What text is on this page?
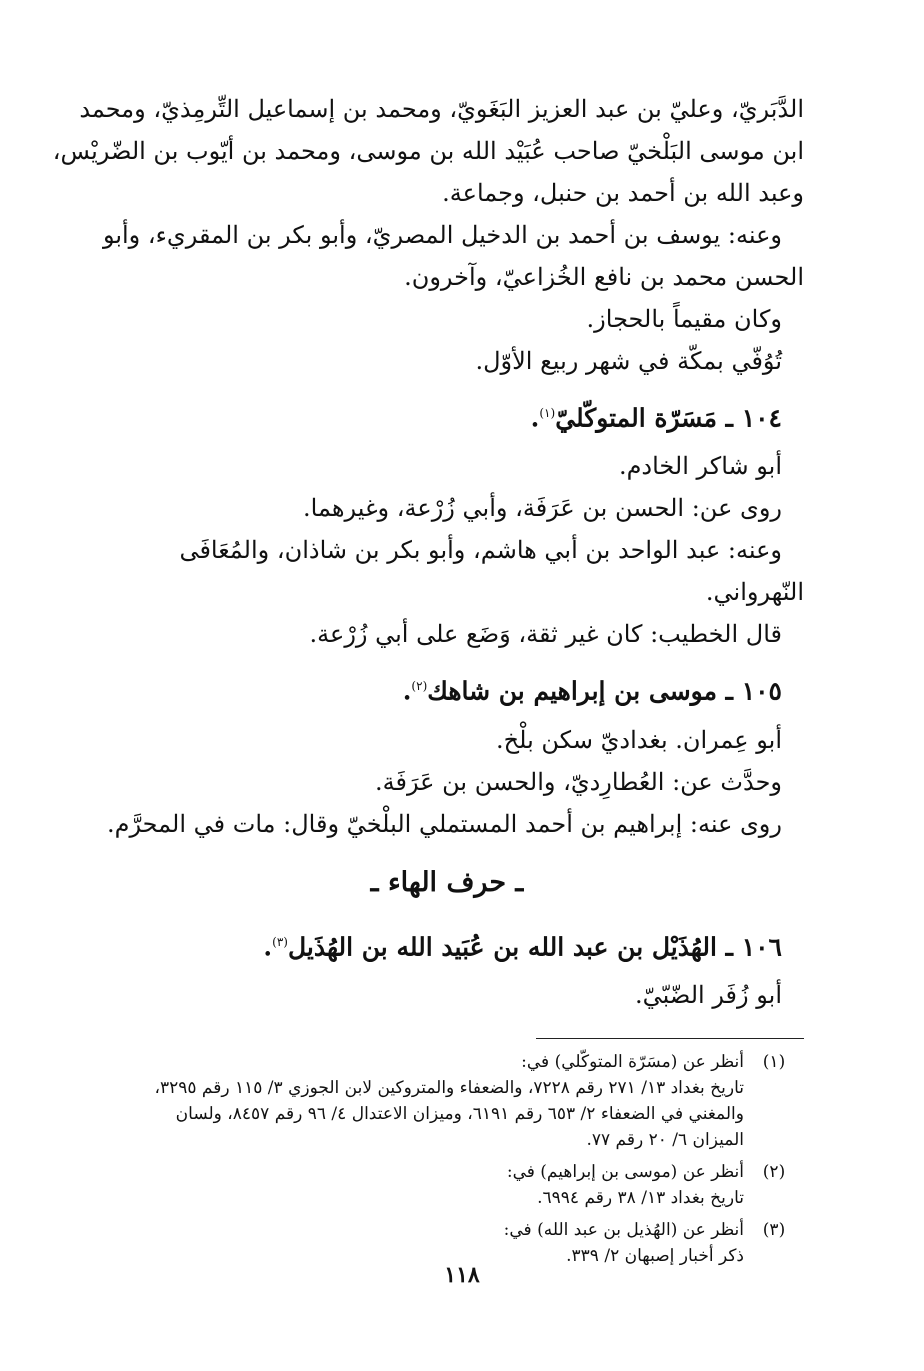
الدَّبَريّ، وعليّ بن عبد العزيز البَغَويّ، ومحمد بن إسماعيل التِّرمِذيّ، ومحمد
ابن موسى البَلْخيّ صاحب عُبَيْد الله بن موسى، ومحمد بن أيّوب بن الضّريْس،
وعبد الله بن أحمد بن حنبل، وجماعة.
وعنه: يوسف بن أحمد بن الدخيل المصريّ، وأبو بكر بن المقريء، وأبو
الحسن محمد بن نافع الخُزاعيّ، وآخرون.
وكان مقيماً بالحجاز.
تُوُفّي بمكّة في شهر ربيع الأوّل.
١٠٤ ـ مَسَرّة المتوكّليّ$^{(١)}$.
أبو شاكر الخادم.
روى عن: الحسن بن عَرَفَة، وأبي زُرْعة، وغيرهما.
وعنه: عبد الواحد بن أبي هاشم، وأبو بكر بن شاذان، والمُعَافَى
النّهرواني.
قال الخطيب: كان غير ثقة، وَضَع على أبي زُرْعة.
١٠٥ ـ موسى بن إبراهيم بن شاهك$^{(٢)}$.
أبو عِمران. بغداديّ سكن بلْخ.
وحدَّث عن: العُطارِديّ، والحسن بن عَرَفَة.
روى عنه: إبراهيم بن أحمد المستملي البلْخيّ وقال: مات في المحرَّم.
ـ حرف الهاء ـ
١٠٦ ـ الهُذَيْل بن عبد الله بن عُبَيد الله بن الهُذَيل$^{(٣)}$.
أبو زُفَر الضّبّيّ.
(١)
أنظر عن (مسَرّة المتوكّلي) في:
تاريخ بغداد ١٣/ ٢٧١ رقم ٧٢٢٨، والضعفاء والمتروكين لابن الجوزي ٣/ ١١٥ رقم ٣٢٩٥،
والمغني في الضعفاء ٢/ ٦٥٣ رقم ٦١٩١، وميزان الاعتدال ٤/ ٩٦ رقم ٨٤٥٧، ولسان
الميزان ٦/ ٢٠ رقم ٧٧.
(٢)
أنظر عن (موسى بن إبراهيم) في:
تاريخ بغداد ١٣/ ٣٨ رقم ٦٩٩٤.
(٣)
أنظر عن (الهُذيل بن عبد الله) في:
ذكر أخبار إصبهان ٢/ ٣٣٩.
١١٨
